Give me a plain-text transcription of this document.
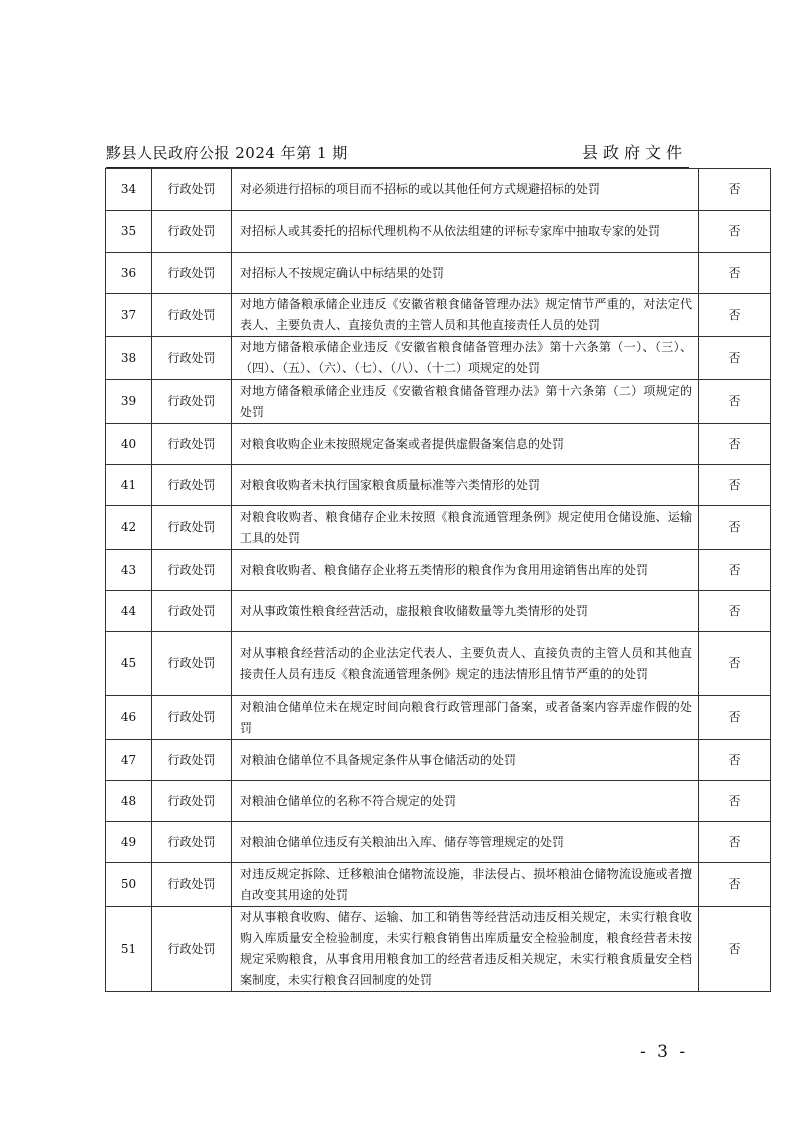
黟县人民政府公报 2024 年第 1 期	县政府文件
34	行政处罚	对必须进行招标的项目而不招标的或以其他任何方式规避招标的处罚	否
35	行政处罚	对招标人或其委托的招标代理机构不从依法组建的评标专家库中抽取专家的处罚	否
36	行政处罚	对招标人不按规定确认中标结果的处罚	否
37	行政处罚	对地方储备粮承储企业违反《安徽省粮食储备管理办法》规定情节严重的，对法定代表人、主要负责人、直接负责的主管人员和其他直接责任人员的处罚	否
38	行政处罚	对地方储备粮承储企业违反《安徽省粮食储备管理办法》第十六条第（一）、（三）、（四）、（五）、（六）、（七）、（八）、（十二）项规定的处罚	否
39	行政处罚	对地方储备粮承储企业违反《安徽省粮食储备管理办法》第十六条第（二）项规定的处罚	否
40	行政处罚	对粮食收购企业未按照规定备案或者提供虚假备案信息的处罚	否
41	行政处罚	对粮食收购者未执行国家粮食质量标准等六类情形的处罚	否
42	行政处罚	对粮食收购者、粮食储存企业未按照《粮食流通管理条例》规定使用仓储设施、运输工具的处罚	否
43	行政处罚	对粮食收购者、粮食储存企业将五类情形的粮食作为食用用途销售出库的处罚	否
44	行政处罚	对从事政策性粮食经营活动，虚报粮食收储数量等九类情形的处罚	否
45	行政处罚	对从事粮食经营活动的企业法定代表人、主要负责人、直接负责的主管人员和其他直接责任人员有违反《粮食流通管理条例》规定的违法情形且情节严重的的处罚	否
46	行政处罚	对粮油仓储单位未在规定时间向粮食行政管理部门备案，或者备案内容弄虚作假的处罚	否
47	行政处罚	对粮油仓储单位不具备规定条件从事仓储活动的处罚	否
48	行政处罚	对粮油仓储单位的名称不符合规定的处罚	否
49	行政处罚	对粮油仓储单位违反有关粮油出入库、储存等管理规定的处罚	否
50	行政处罚	对违反规定拆除、迁移粮油仓储物流设施，非法侵占、损坏粮油仓储物流设施或者擅自改变其用途的处罚	否
51	行政处罚	对从事粮食收购、储存、运输、加工和销售等经营活动违反相关规定，未实行粮食收购入库质量安全检验制度，未实行粮食销售出库质量安全检验制度，粮食经营者未按规定采购粮食，从事食用用粮食加工的经营者违反相关规定，未实行粮食质量安全档案制度，未实行粮食召回制度的处罚	否
- 3 -
